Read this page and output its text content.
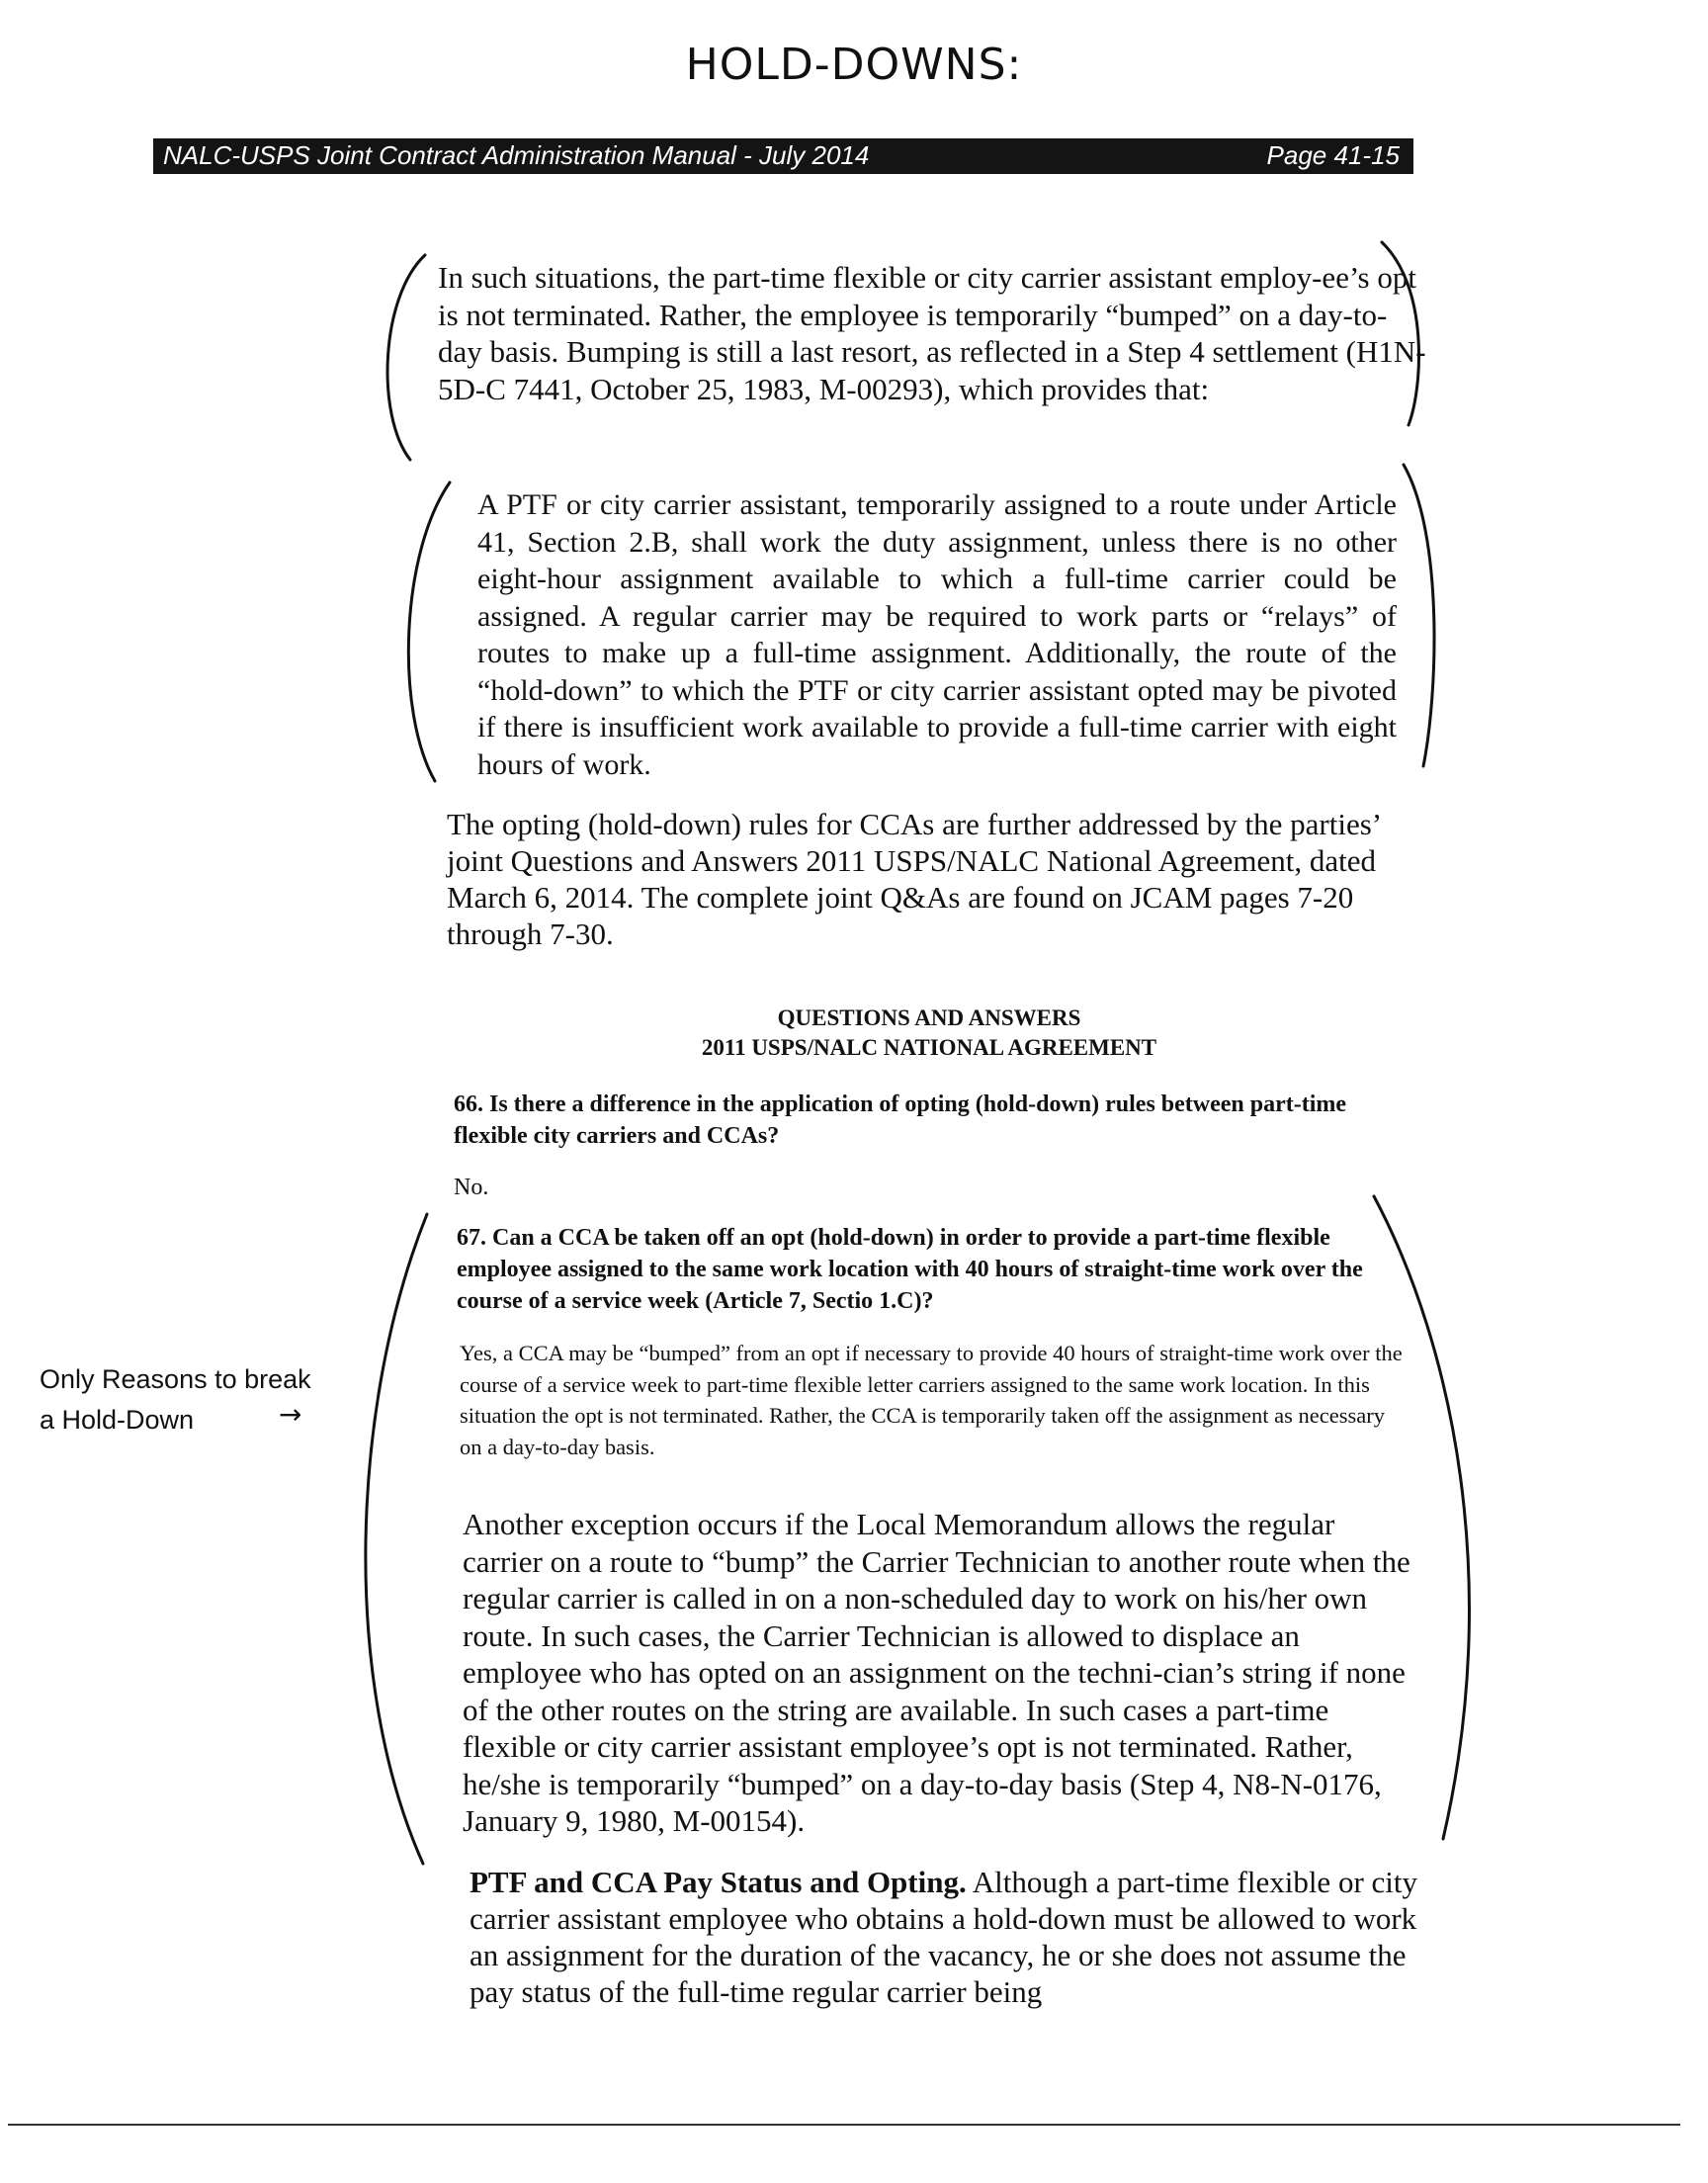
HOLD-DOWNS:
NALC-USPS Joint Contract Administration Manual - July 2014	Page 41-15
In such situations, the part-time flexible or city carrier assistant employ-ee’s opt is not terminated. Rather, the employee is temporarily “bumped” on a day-to-day basis. Bumping is still a last resort, as reflected in a Step 4 settlement (H1N-5D-C 7441, October 25, 1983, M-00293), which provides that:
A PTF or city carrier assistant, temporarily assigned to a route under Article 41, Section 2.B, shall work the duty assignment, unless there is no other eight-hour assignment available to which a full-time carrier could be assigned. A regular carrier may be required to work parts or “relays” of routes to make up a full-time assignment. Additionally, the route of the “hold-down” to which the PTF or city carrier assistant opted may be pivoted if there is insufficient work available to provide a full-time carrier with eight hours of work.
The opting (hold-down) rules for CCAs are further addressed by the parties’ joint Questions and Answers 2011 USPS/NALC National Agreement, dated March 6, 2014. The complete joint Q&As are found on JCAM pages 7-20 through 7-30.
QUESTIONS AND ANSWERS
2011 USPS/NALC NATIONAL AGREEMENT
66. Is there a difference in the application of opting (hold-down) rules between part-time flexible city carriers and CCAs?
No.
67. Can a CCA be taken off an opt (hold-down) in order to provide a part-time flexible employee assigned to the same work location with 40 hours of straight-time work over the course of a service week (Article 7, Sectio 1.C)?
Yes, a CCA may be “bumped” from an opt if necessary to provide 40 hours of straight-time work over the course of a service week to part-time flexible letter carriers assigned to the same work location. In this situation the opt is not terminated. Rather, the CCA is temporarily taken off the assignment as necessary on a day-to-day basis.
Another exception occurs if the Local Memorandum allows the regular carrier on a route to “bump” the Carrier Technician to another route when the regular carrier is called in on a non-scheduled day to work on his/her own route. In such cases, the Carrier Technician is allowed to displace an employee who has opted on an assignment on the techni-cian’s string if none of the other routes on the string are available. In such cases a part-time flexible or city carrier assistant employee’s opt is not terminated. Rather, he/she is temporarily “bumped” on a day-to-day basis (Step 4, N8-N-0176, January 9, 1980, M-00154).
PTF and CCA Pay Status and Opting. Although a part-time flexible or city carrier assistant employee who obtains a hold-down must be allowed to work an assignment for the duration of the vacancy, he or she does not assume the pay status of the full-time regular carrier being
Only Reasons to break
a Hold-Down	→
